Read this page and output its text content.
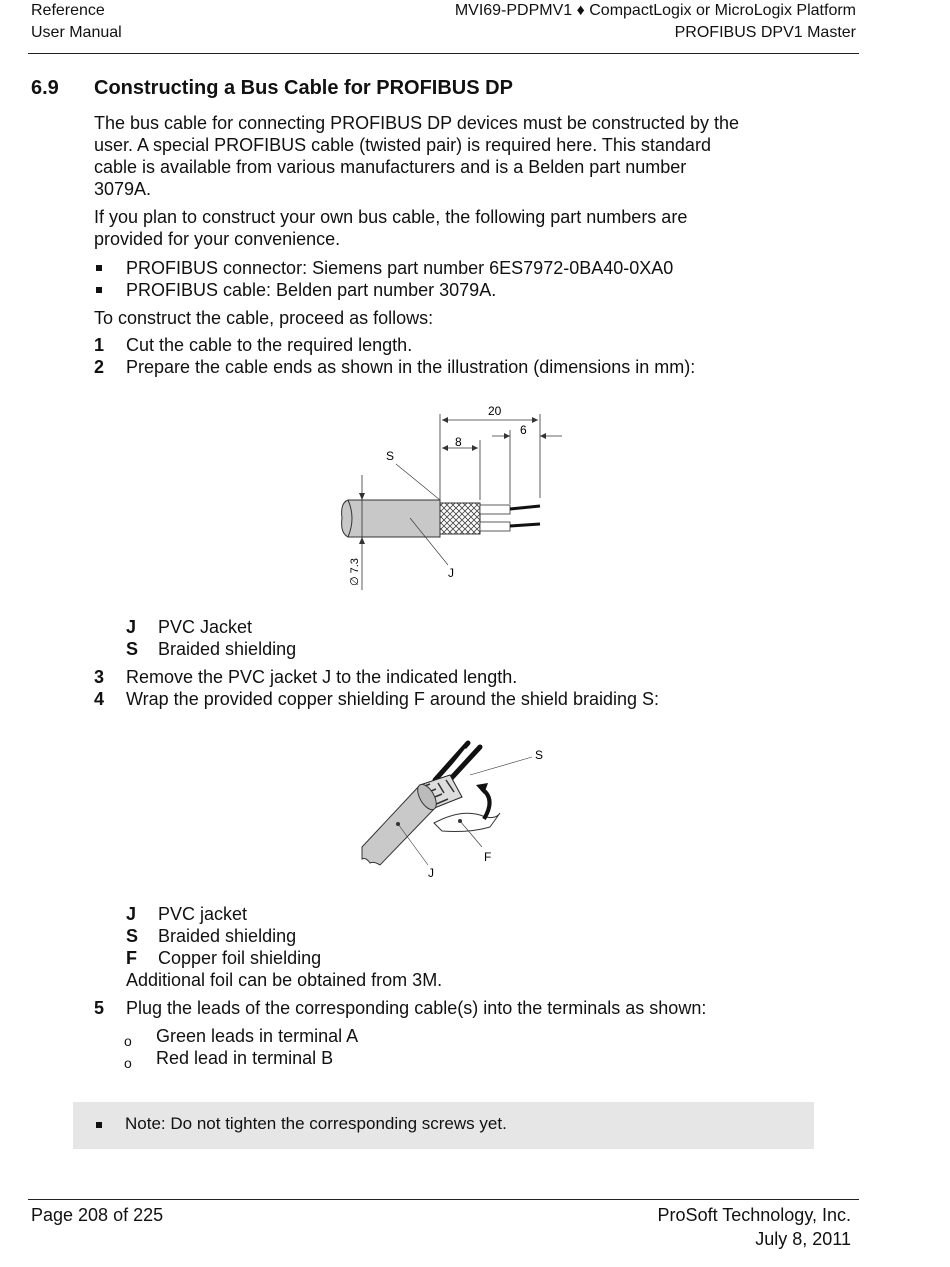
Reference
User Manual
MVI69-PDPMV1 ♦ CompactLogix or MicroLogix Platform
PROFIBUS DPV1 Master
6.9 Constructing a Bus Cable for PROFIBUS DP
The bus cable for connecting PROFIBUS DP devices must be constructed by the
user. A special PROFIBUS cable (twisted pair) is required here. This standard
cable is available from various manufacturers and is a Belden part number
3079A.
If you plan to construct your own bus cable, the following part numbers are
provided for your convenience.
PROFIBUS connector: Siemens part number 6ES7972-0BA40-0XA0
PROFIBUS cable: Belden part number 3079A.
To construct the cable, proceed as follows:
1 Cut the cable to the required length.
2 Prepare the cable ends as shown in the illustration (dimensions in mm):
20
8
6
S
J
∅ 7.3
J PVC Jacket
S Braided shielding
3 Remove the PVC jacket J to the indicated length.
4 Wrap the provided copper shielding F around the shield braiding S:
S
F
J
J PVC jacket
S Braided shielding
F Copper foil shielding
Additional foil can be obtained from 3M.
5 Plug the leads of the corresponding cable(s) into the terminals as shown:
o Green leads in terminal A
o Red lead in terminal B
Note: Do not tighten the corresponding screws yet.
Page 208 of 225	ProSoft Technology, Inc.
July 8, 2011
